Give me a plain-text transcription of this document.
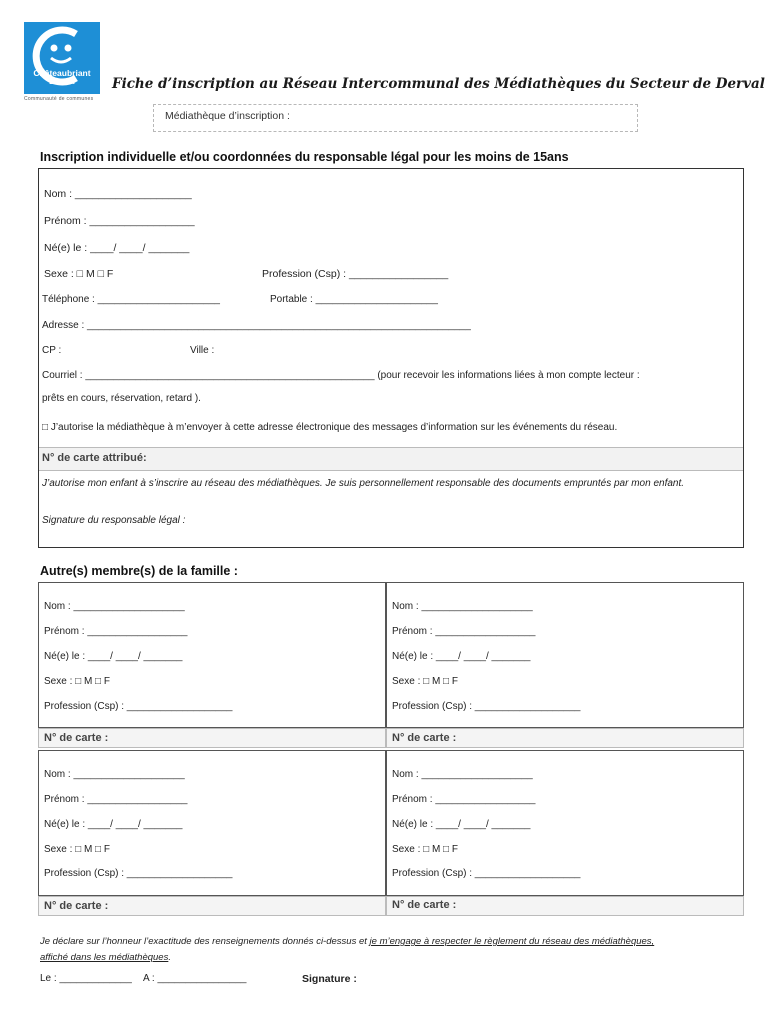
Châteaubriant
Derval
Communauté de communes
Fiche d’inscription au Réseau Intercommunal des Médiathèques du Secteur de Derval
Médiathèque d’inscription :
Inscription individuelle et/ou coordonnées du responsable légal pour les moins de 15ans
Nom : ____________________
Prénom : __________________
Né(e) le : ____/ ____/ _______
Sexe : □ M □ F	Profession (Csp) : _________________
Téléphone : ______________________	Portable : ______________________
Adresse : _____________________________________________________________________
CP :	Ville :
Courriel : ____________________________________________________ (pour recevoir les informations liées à mon compte lecteur :
prêts en cours, réservation, retard ).
□ J’autorise la médiathèque à m’envoyer à cette adresse électronique des messages d’information sur les événements du réseau.
N° de carte attribué:
J’autorise mon enfant à s’inscrire au réseau des médiathèques. Je suis personnellement responsable des documents empruntés par mon enfant.
Signature du responsable légal :
Autre(s) membre(s) de la famille :
Nom : ____________________
Prénom : __________________
Né(e) le : ____/ ____/ _______
Sexe : □ M □ F
Profession (Csp) : ___________________
N° de carte :
Nom : ____________________
Prénom : __________________
Né(e) le : ____/ ____/ _______
Sexe : □ M □ F
Profession (Csp) : ___________________
N° de carte :
Nom : ____________________
Prénom : __________________
Né(e) le : ____/ ____/ _______
Sexe : □ M □ F
Profession (Csp) : ___________________
N° de carte :
Nom : ____________________
Prénom : __________________
Né(e) le : ____/ ____/ _______
Sexe : □ M □ F
Profession (Csp) : ___________________
N° de carte :
Je déclare sur l’honneur l’exactitude des renseignements donnés ci-dessus et je m’engage à respecter le règlement du réseau des médiathèques,
affiché dans les médiathèques.
Le : _____________ A : ________________	Signature :
